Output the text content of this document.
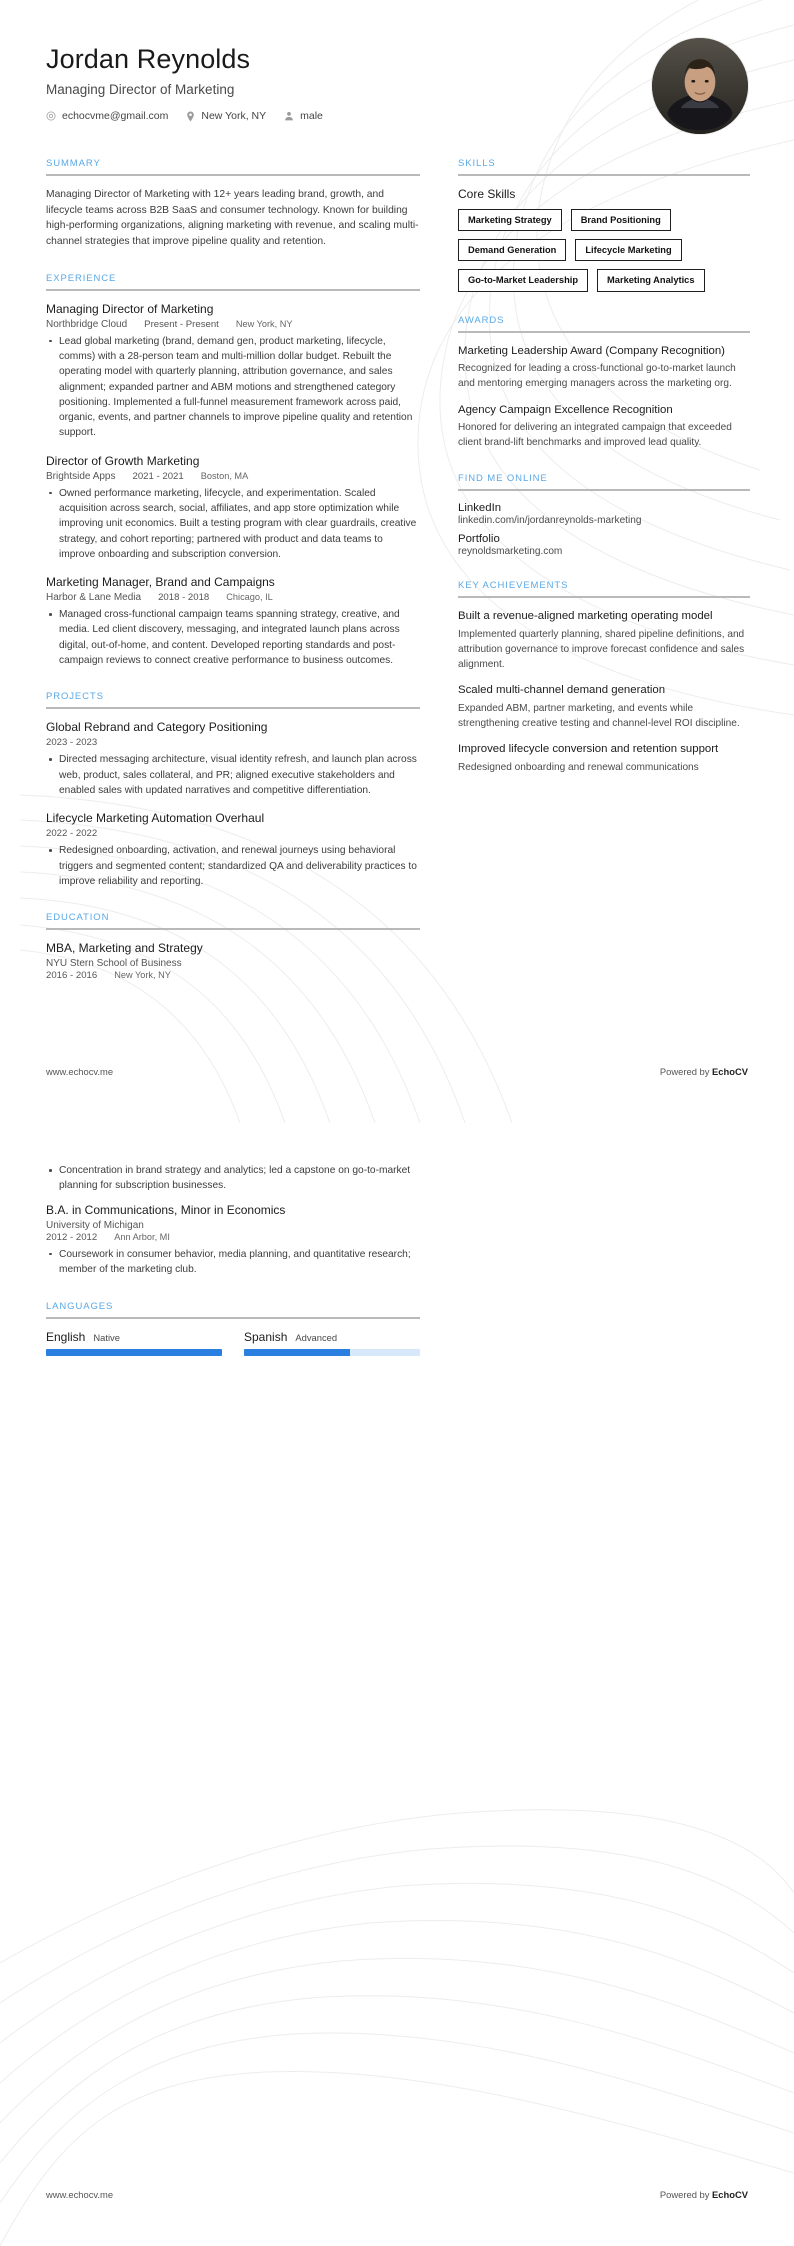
Jordan Reynolds
Managing Director of Marketing
echocvme@gmail.com	New York, NY	male
SUMMARY

Managing Director of Marketing with 12+ years leading brand, growth, and lifecycle teams across B2B SaaS and consumer technology. Known for building high-performing organizations, aligning marketing with revenue, and scaling multi-channel strategies that improve pipeline quality and retention.

EXPERIENCE
Managing Director of Marketing
Northbridge Cloud Present - Present New York, NY
Lead global marketing (brand, demand gen, product marketing, lifecycle, comms) with a 28-person team and multi-million dollar budget. Rebuilt the operating model with quarterly planning, attribution governance, and sales alignment; expanded partner and ABM motions and strengthened category positioning. Implemented a full-funnel measurement framework across paid, organic, events, and partner channels to improve pipeline quality and retention support.
Director of Growth Marketing
Brightside Apps 2021 - 2021 Boston, MA
Owned performance marketing, lifecycle, and experimentation. Scaled acquisition across search, social, affiliates, and app store optimization while improving unit economics. Built a testing program with clear guardrails, creative strategy, and cohort reporting; partnered with product and data teams to improve onboarding and subscription conversion.
Marketing Manager, Brand and Campaigns
Harbor & Lane Media 2018 - 2018 Chicago, IL
Managed cross-functional campaign teams spanning strategy, creative, and media. Led client discovery, messaging, and integrated launch plans across digital, out-of-home, and content. Developed reporting standards and post-campaign reviews to connect creative performance to business outcomes.
PROJECTS
Global Rebrand and Category Positioning
2023 - 2023
Directed messaging architecture, visual identity refresh, and launch plan across web, product, sales collateral, and PR; aligned executive stakeholders and enabled sales with updated narratives and competitive differentiation.
Lifecycle Marketing Automation Overhaul
2022 - 2022
Redesigned onboarding, activation, and renewal journeys using behavioral triggers and segmented content; standardized QA and deliverability practices to improve reliability and reporting.
EDUCATION
MBA, Marketing and Strategy
NYU Stern School of Business
2016 - 2016 New York, NY
SKILLS
Core Skills
Marketing Strategy	Brand Positioning
Demand Generation	Lifecycle Marketing
Go-to-Market Leadership	Marketing Analytics
AWARDS
Marketing Leadership Award (Company Recognition)

Recognized for leading a cross-functional go-to-market launch and mentoring emerging managers across the marketing org.

Agency Campaign Excellence Recognition

Honored for delivering an integrated campaign that exceeded client brand-lift benchmarks and improved lead quality.

FIND ME ONLINE
LinkedIn
linkedin.com/in/jordanreynolds-marketing
Portfolio
reynoldsmarketing.com
KEY ACHIEVEMENTS
Built a revenue-aligned marketing operating model

Implemented quarterly planning, shared pipeline definitions, and attribution governance to improve forecast confidence and sales alignment.

Scaled multi-channel demand generation

Expanded ABM, partner marketing, and events while strengthening creative testing and channel-level ROI discipline.

Improved lifecycle conversion and retention support

Redesigned onboarding and renewal communications

www.echocv.me	Powered by EchoCV
Concentration in brand strategy and analytics; led a capstone on go-to-market planning for subscription businesses.
B.A. in Communications, Minor in Economics
University of Michigan
2012 - 2012 Ann Arbor, MI
Coursework in consumer behavior, media planning, and quantitative research; member of the marketing club.
LANGUAGES
English Native	Spanish Advanced
www.echocv.me	Powered by EchoCV
